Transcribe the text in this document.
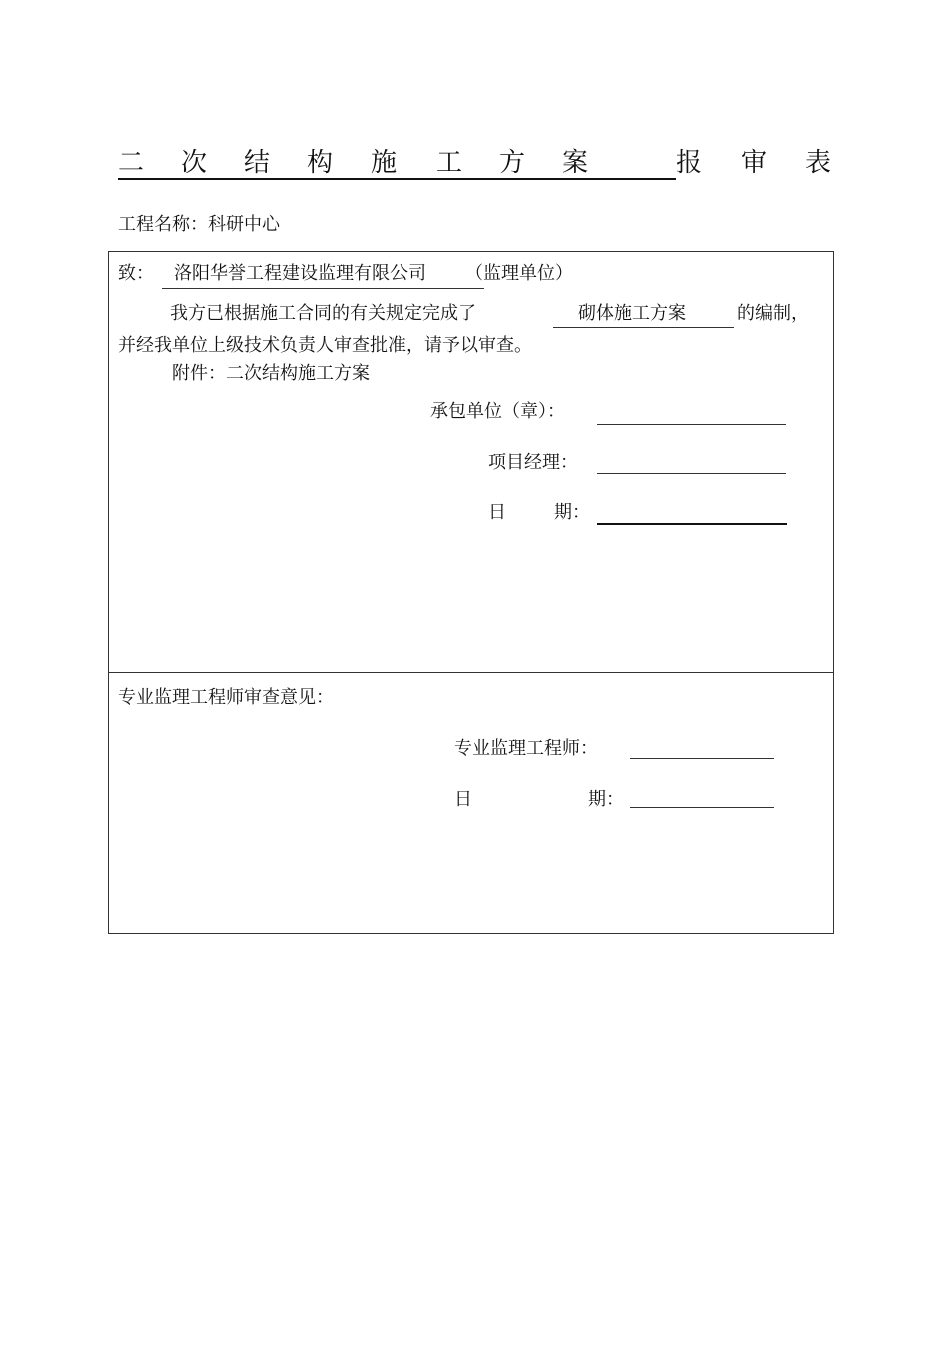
二 次 结 构 施 工 方 案	报 审 表
工程名称：科研中心
致： 洛阳华誉工程建设监理有限公司 （监理单位）
我方已根据施工合同的有关规定完成了	砌体施工方案	的编制，
并经我单位上级技术负责人审查批准，请予以审查。
附件：二次结构施工方案
承包单位（章）：
项目经理：
日	期：
专业监理工程师审查意见：
专业监理工程师：
日	期：
